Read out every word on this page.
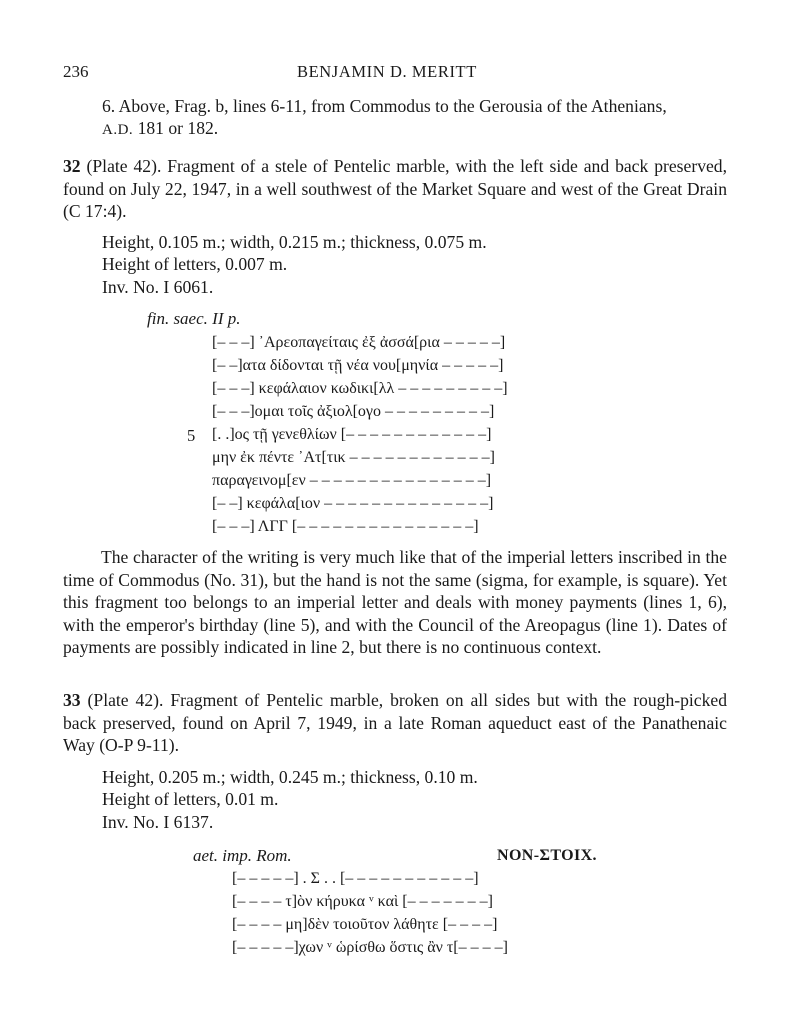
236	BENJAMIN D. MERITT
6. Above, Frag. b, lines 6-11, from Commodus to the Gerousia of the Athenians,
A.D. 181 or 182.

32 (Plate 42). Fragment of a stele of Pentelic marble, with the left side and back preserved, found on July 22, 1947, in a well southwest of the Market Square and west of the Great Drain (C 17:4).

Height, 0.105 m.; width, 0.215 m.; thickness, 0.075 m.
Height of letters, 0.007 m.
Inv. No. I 6061.
fin. saec. II p.
[– – –] ᾿Αρεοπαγείταις ἐξ ἀσσά[ρια – – – – –]
[– –]ατα δίδονται τῇ νέα νου[μηνία – – – – –]
[– – –] κεφάλαιον κωδικι[λλ – – – – – – – – –]
[– – –]ομαι τοῖς ἀξιολ[ογο – – – – – – – – –]
5 [. .]ος τῇ γενεθλίων [– – – – – – – – – – – –]
μην ἐκ πέντε ᾿Ατ[τικ – – – – – – – – – – – –]
παραγεινομ[εν – – – – – – – – – – – – – – –]
[– –] κεφάλα[ιον – – – – – – – – – – – – – –]
[– – –] ΛΓΓ [– – – – – – – – – – – – – – –]

The character of the writing is very much like that of the imperial letters inscribed in the time of Commodus (No. 31), but the hand is not the same (sigma, for example, is square). Yet this fragment too belongs to an imperial letter and deals with money payments (lines 1, 6), with the emperor's birthday (line 5), and with the Council of the Areopagus (line 1). Dates of payments are possibly indicated in line 2, but there is no continuous context.

33 (Plate 42). Fragment of Pentelic marble, broken on all sides but with the rough-picked back preserved, found on April 7, 1949, in a late Roman aqueduct east of the Panathenaic Way (O-P 9-11).

Height, 0.205 m.; width, 0.245 m.; thickness, 0.10 m.
Height of letters, 0.01 m.
Inv. No. I 6137.
aet. imp. Rom.	NON-ΣΤΟΙΧ.
[– – – – –] . Σ . . [– – – – – – – – – – –]
[– – – – τ]ὸν κήρυκα ᵛ καὶ [– – – – – – –]
[– – – – μη]δὲν τοιοῦτον λάθητε [– – – –]
[– – – – –]χων ᵛ ὡρίσθω ὅστις ἂν τ[– – – –]
